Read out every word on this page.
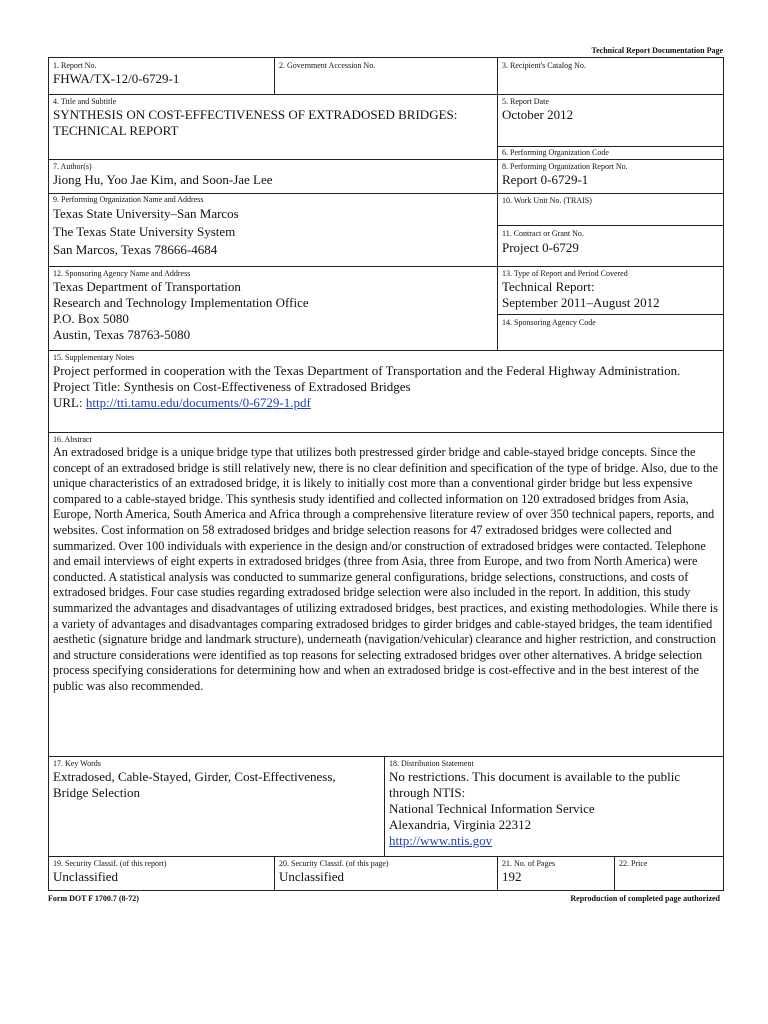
Technical Report Documentation Page
1. Report No.
FHWA/TX-12/0-6729-1
2. Government Accession No.	3. Recipient's Catalog No.
4. Title and Subtitle
SYNTHESIS ON COST-EFFECTIVENESS OF EXTRADOSED BRIDGES: TECHNICAL REPORT
5. Report Date
October 2012
6. Performing Organization Code
7. Author(s)
Jiong Hu, Yoo Jae Kim, and Soon-Jae Lee
8. Performing Organization Report No.
Report 0-6729-1
9. Performing Organization Name and Address
Texas State University–San Marcos
The Texas State University System
San Marcos, Texas 78666-4684
10. Work Unit No. (TRAIS)
11. Contract or Grant No.
Project 0-6729
12. Sponsoring Agency Name and Address
Texas Department of Transportation
Research and Technology Implementation Office
P.O. Box 5080
Austin, Texas 78763-5080
13. Type of Report and Period Covered
Technical Report:
September 2011–August 2012
14. Sponsoring Agency Code
15. Supplementary Notes
Project performed in cooperation with the Texas Department of Transportation and the Federal Highway Administration.
Project Title: Synthesis on Cost-Effectiveness of Extradosed Bridges
URL: http://tti.tamu.edu/documents/0-6729-1.pdf
16. Abstract
An extradosed bridge is a unique bridge type that utilizes both prestressed girder bridge and cable-stayed bridge concepts. Since the concept of an extradosed bridge is still relatively new, there is no clear definition and specification of the type of bridge. Also, due to the unique characteristics of an extradosed bridge, it is likely to initially cost more than a conventional girder bridge but less expensive compared to a cable-stayed bridge. This synthesis study identified and collected information on 120 extradosed bridges from Asia, Europe, North America, South America and Africa through a comprehensive literature review of over 350 technical papers, reports, and websites. Cost information on 58 extradosed bridges and bridge selection reasons for 47 extradosed bridges were collected and summarized. Over 100 individuals with experience in the design and/or construction of extradosed bridges were contacted. Telephone and email interviews of eight experts in extradosed bridges (three from Asia, three from Europe, and two from North America) were conducted. A statistical analysis was conducted to summarize general configurations, bridge selections, constructions, and costs of extradosed bridges. Four case studies regarding extradosed bridge selection were also included in the report. In addition, this study summarized the advantages and disadvantages of utilizing extradosed bridges, best practices, and existing methodologies. While there is a variety of advantages and disadvantages comparing extradosed bridges to girder bridges and cable-stayed bridges, the team identified aesthetic (signature bridge and landmark structure), underneath (navigation/vehicular) clearance and higher restriction, and construction and structure considerations were identified as top reasons for selecting extradosed bridges over other alternatives. A bridge selection process specifying considerations for determining how and when an extradosed bridge is cost-effective and in the best interest of the public was also recommended.
17. Key Words
Extradosed, Cable-Stayed, Girder, Cost-Effectiveness,
Bridge Selection
18. Distribution Statement
No restrictions. This document is available to the public
through NTIS:
National Technical Information Service
Alexandria, Virginia 22312
http://www.ntis.gov
19. Security Classif. (of this report)
Unclassified
20. Security Classif. (of this page)
Unclassified
21. No. of Pages
192
22. Price
Form DOT F 1700.7 (8-72)	Reproduction of completed page authorized
